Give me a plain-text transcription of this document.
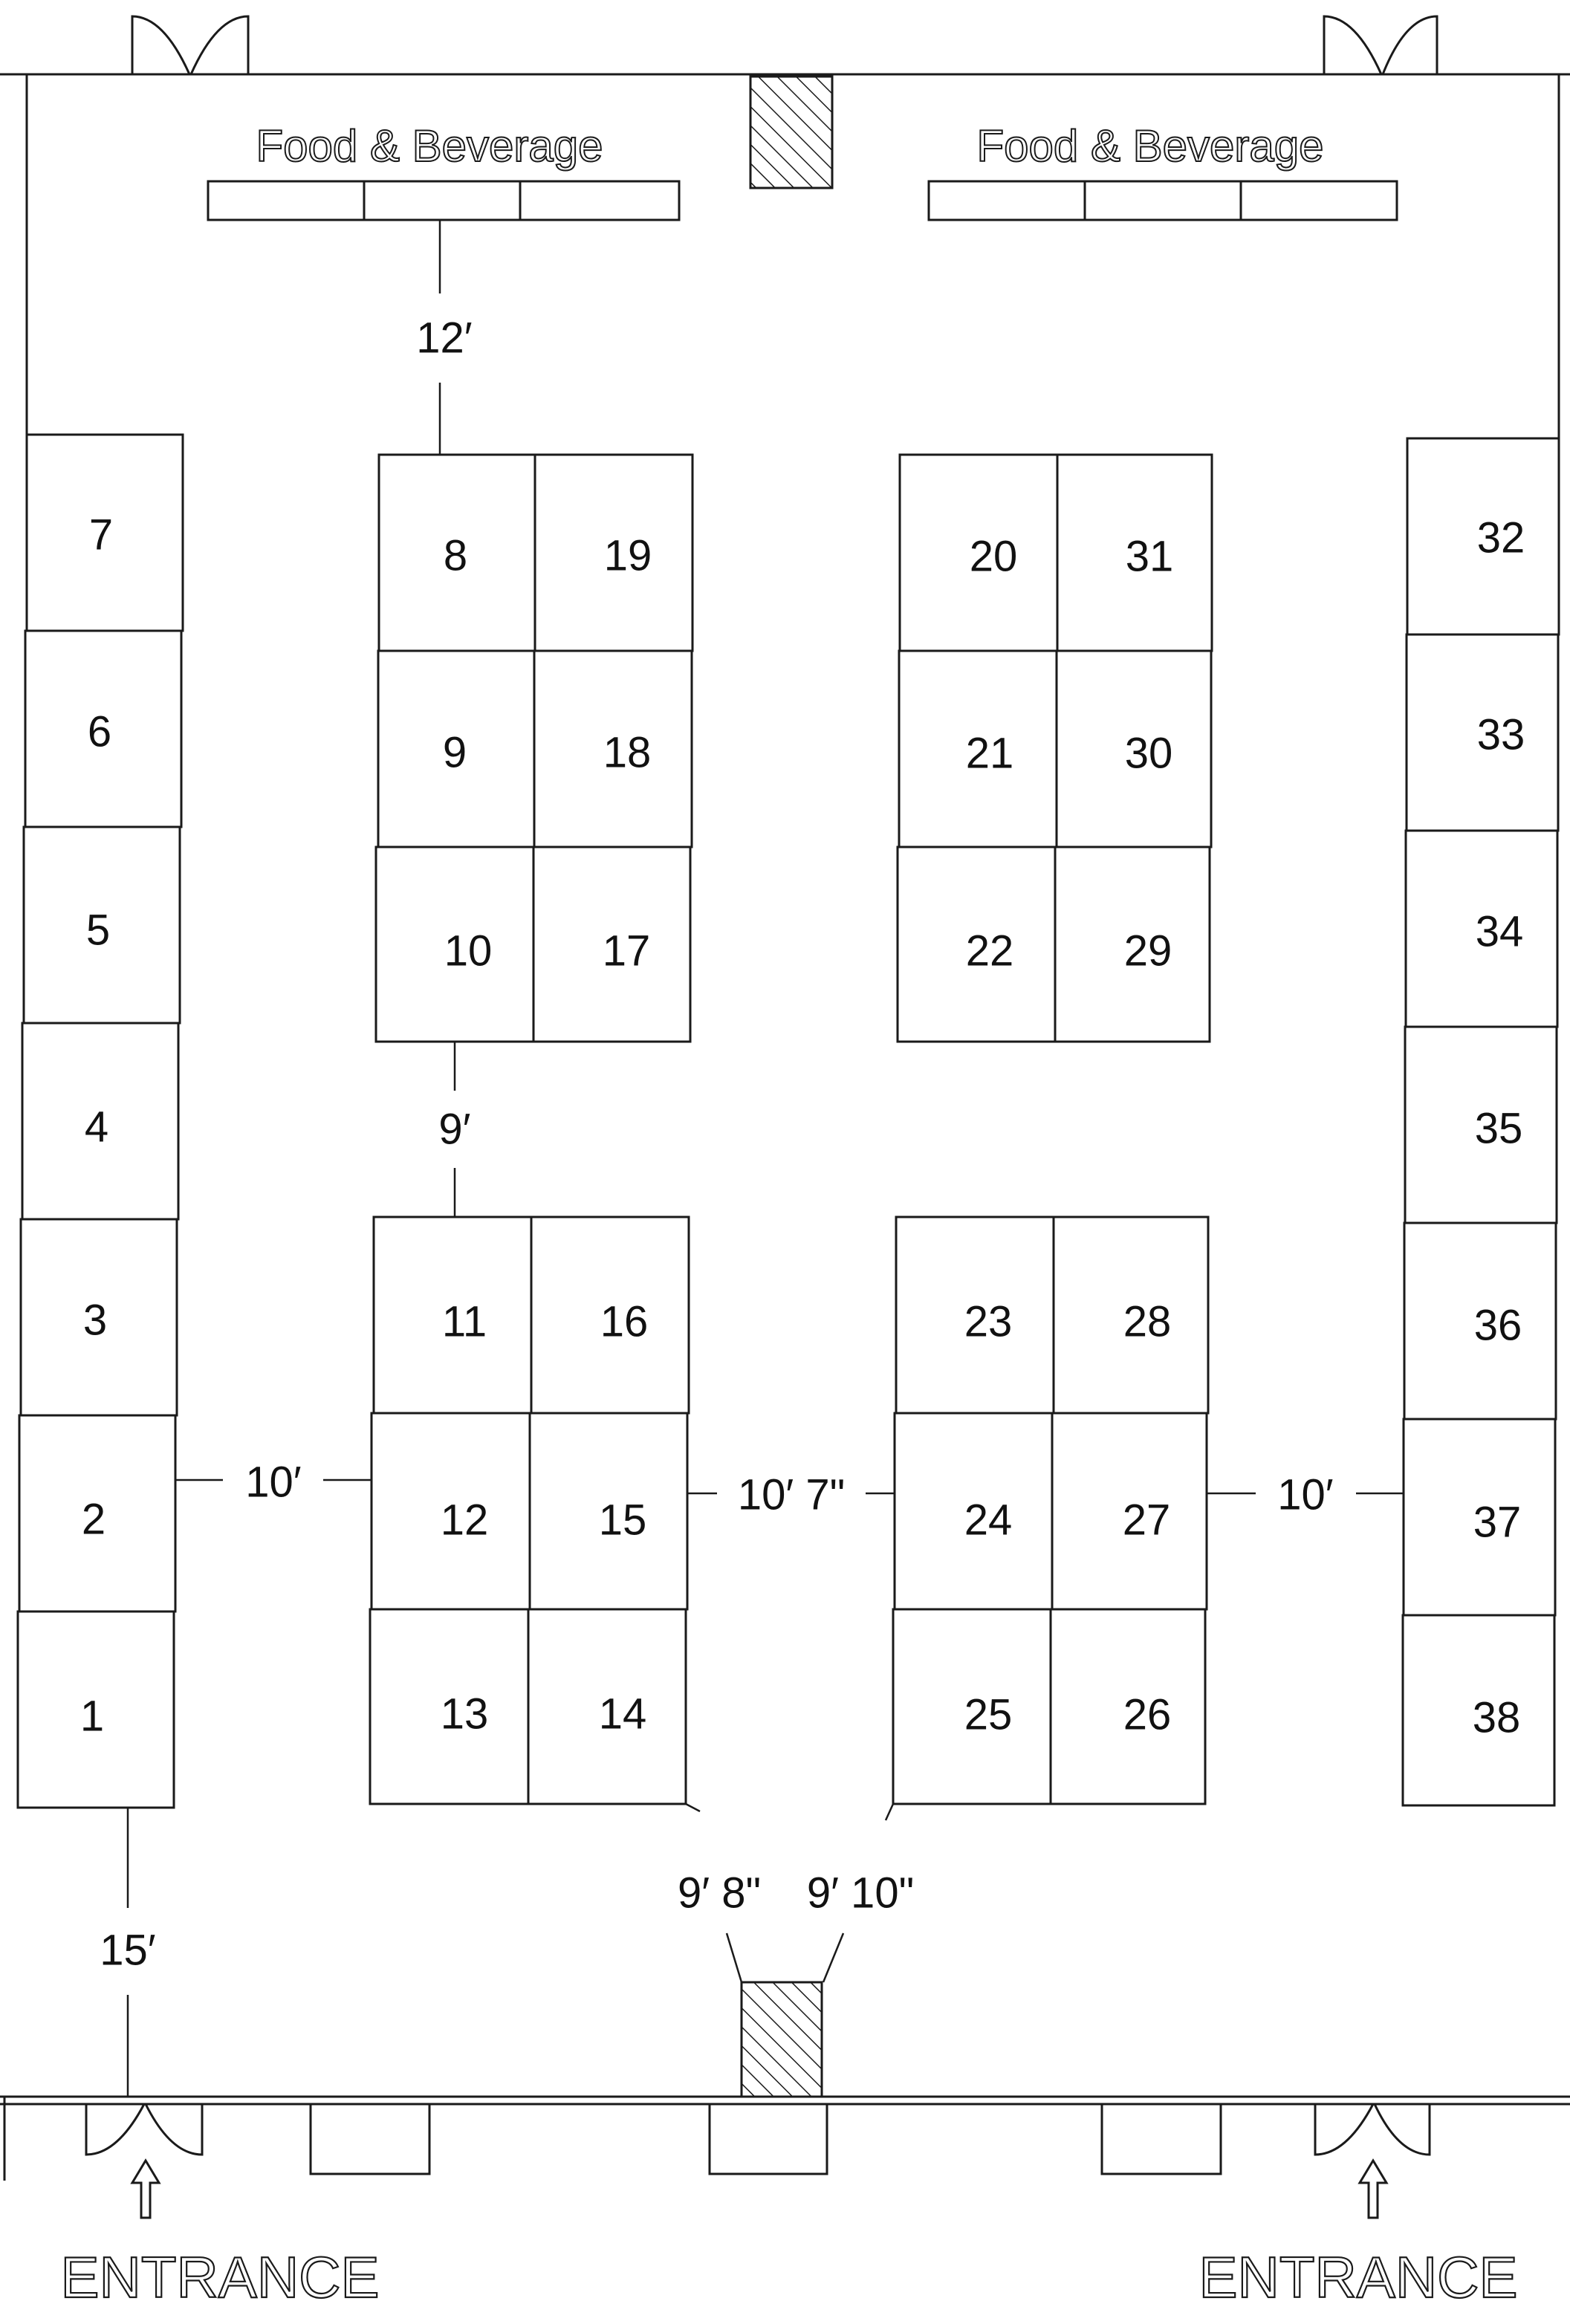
Food & Beverage	Food & Beverage
7
6
5
4
3
2
1
8	19
9	18
10	17
20	31
21	30
22	29
11	16
12	15
13	14
23	28
24	27
25	26
32
33
34
35
36
37
38
12′
9′
10′	10′ 7"	10′
9′ 8" 9′ 10"
15′
ENTRANCE	ENTRANCE
